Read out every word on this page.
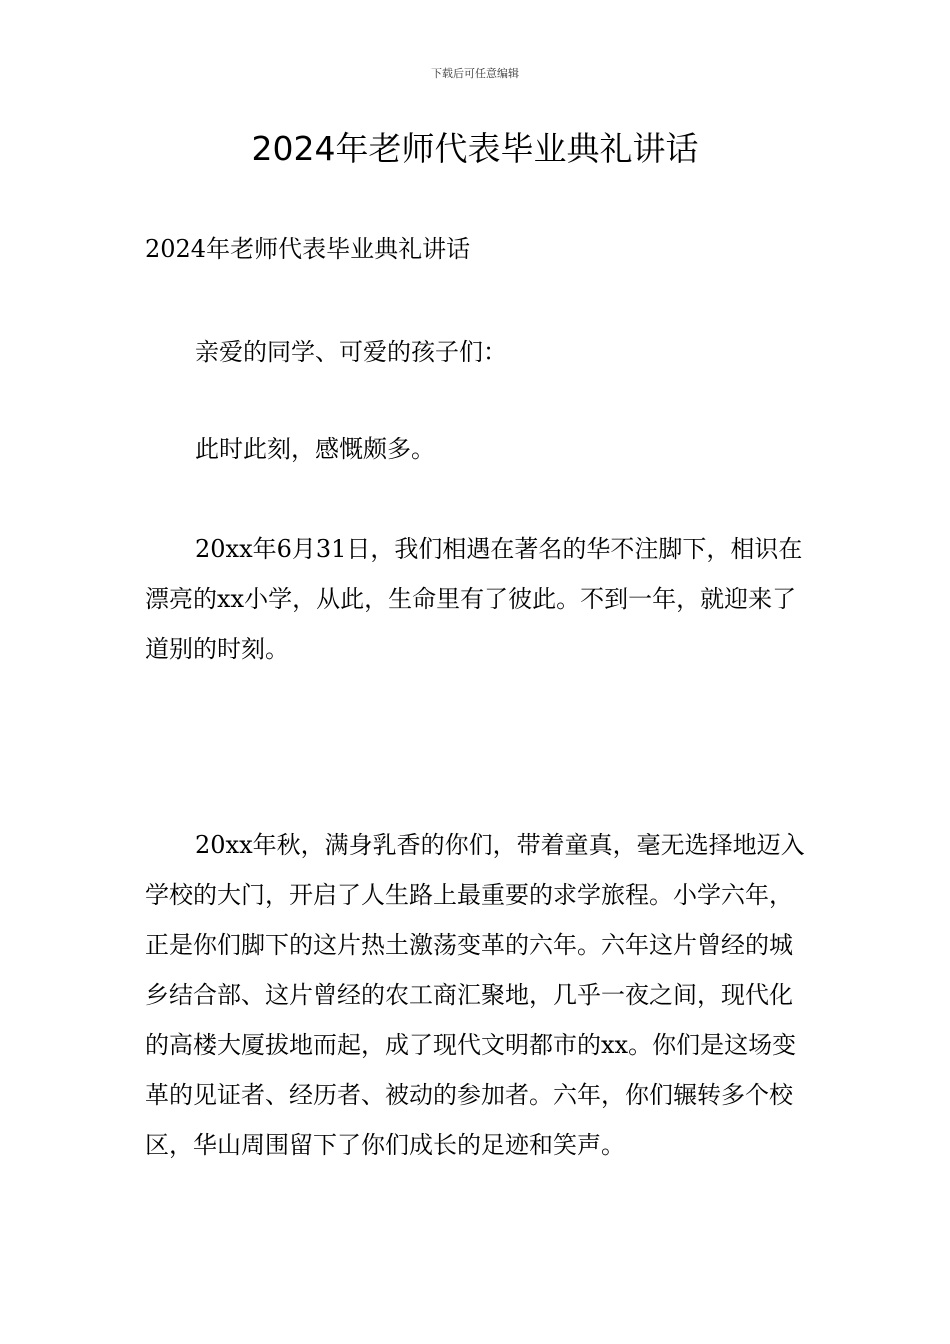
下载后可任意编辑
2024年老师代表毕业典礼讲话

2024年老师代表毕业典礼讲话

亲爱的同学、可爱的孩子们：

此时此刻，感慨颇多。

20xx年6月31日，我们相遇在著名的华不注脚下，相识在漂亮的xx小学，从此，生命里有了彼此。不到一年，就迎来了道别的时刻。

20xx年秋，满身乳香的你们，带着童真，毫无选择地迈入学校的大门，开启了人生路上最重要的求学旅程。小学六年，正是你们脚下的这片热土激荡变革的六年。六年这片曾经的城乡结合部、这片曾经的农工商汇聚地，几乎一夜之间，现代化的高楼大厦拔地而起，成了现代文明都市的xx。你们是这场变革的见证者、经历者、被动的参加者。六年，你们辗转多个校区，华山周围留下了你们成长的足迹和笑声。
